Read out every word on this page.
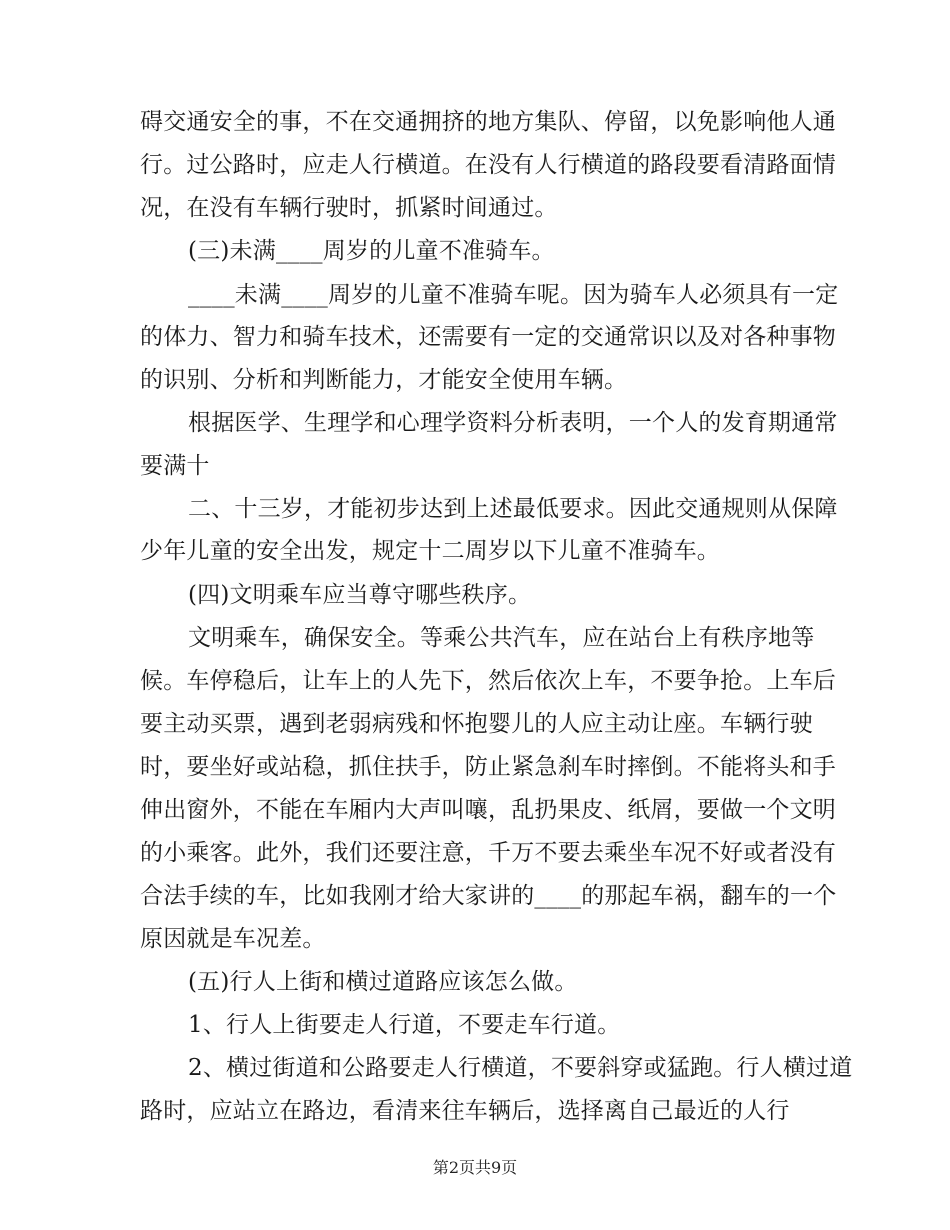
碍交通安全的事，不在交通拥挤的地方集队、停留，以免影响他人通
行。过公路时，应走人行横道。在没有人行横道的路段要看清路面情
况，在没有车辆行驶时，抓紧时间通过。
(三)未满____周岁的儿童不准骑车。
____未满____周岁的儿童不准骑车呢。因为骑车人必须具有一定
的体力、智力和骑车技术，还需要有一定的交通常识以及对各种事物
的识别、分析和判断能力，才能安全使用车辆。
根据医学、生理学和心理学资料分析表明，一个人的发育期通常
要满十
二、十三岁，才能初步达到上述最低要求。因此交通规则从保障
少年儿童的安全出发，规定十二周岁以下儿童不准骑车。
(四)文明乘车应当尊守哪些秩序。
文明乘车，确保安全。等乘公共汽车，应在站台上有秩序地等
候。车停稳后，让车上的人先下，然后依次上车，不要争抢。上车后
要主动买票，遇到老弱病残和怀抱婴儿的人应主动让座。车辆行驶
时，要坐好或站稳，抓住扶手，防止紧急刹车时摔倒。不能将头和手
伸出窗外，不能在车厢内大声叫嚷，乱扔果皮、纸屑，要做一个文明
的小乘客。此外，我们还要注意，千万不要去乘坐车况不好或者没有
合法手续的车，比如我刚才给大家讲的____的那起车祸，翻车的一个
原因就是车况差。
(五)行人上街和横过道路应该怎么做。
1、行人上街要走人行道，不要走车行道。
2、横过街道和公路要走人行横道，不要斜穿或猛跑。行人横过道
路时，应站立在路边，看清来往车辆后，选择离自己最近的人行
第2页共9页
